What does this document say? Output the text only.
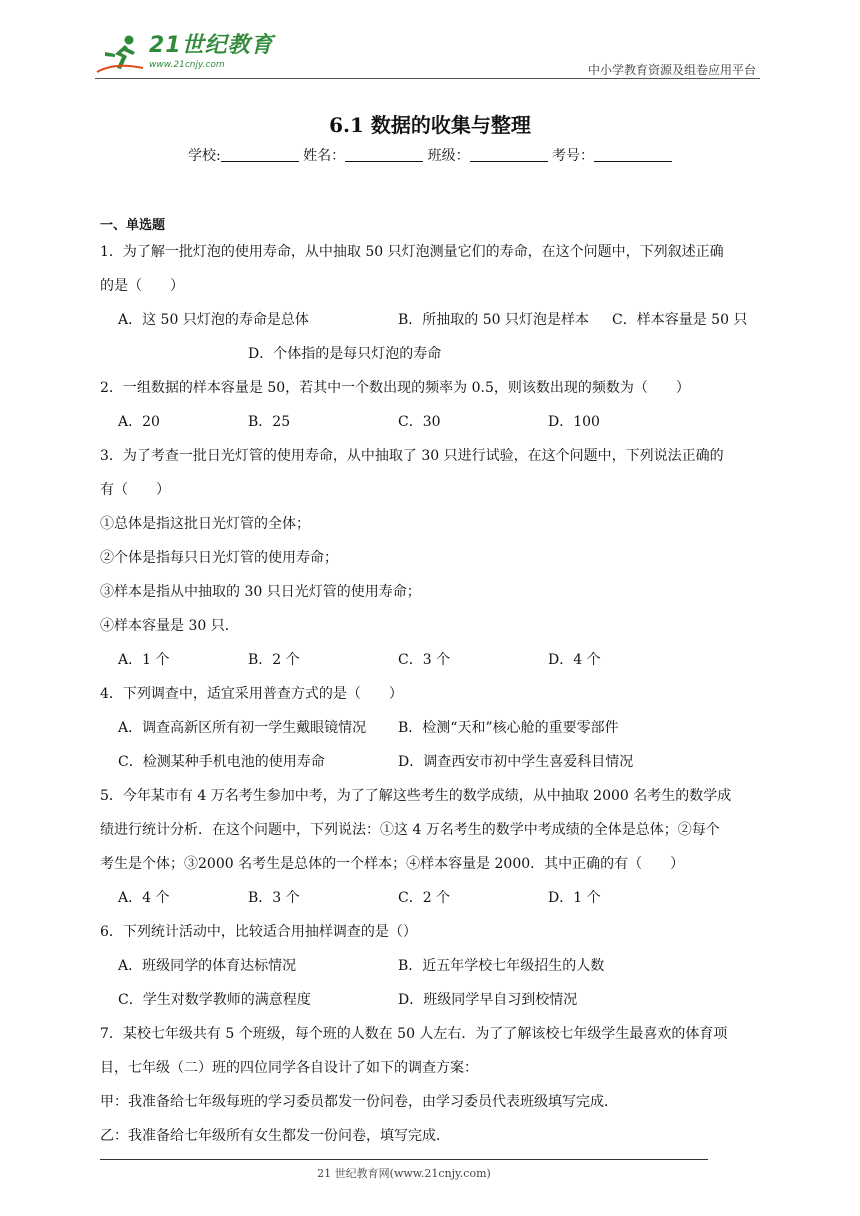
21世纪教育
www.21cnjy.com	中小学教育资源及组卷应用平台
6.1 数据的收集与整理
学校:	姓名：	班级：	考号：
一、单选题
1．为了解一批灯泡的使用寿命，从中抽取 50 只灯泡测量它们的寿命，在这个问题中，下列叙述正确
的是（　　）
A．这 50 只灯泡的寿命是总体	B．所抽取的 50 只灯泡是样本 C．样本容量是 50 只
D．个体指的是每只灯泡的寿命
2．一组数据的样本容量是 50，若其中一个数出现的频率为 0.5，则该数出现的频数为（　　）
A．20	B．25	C．30	D．100
3．为了考查一批日光灯管的使用寿命，从中抽取了 30 只进行试验，在这个问题中，下列说法正确的
有（　　）
①总体是指这批日光灯管的全体；
②个体是指每只日光灯管的使用寿命；
③样本是指从中抽取的 30 只日光灯管的使用寿命；
④样本容量是 30 只．
A．1 个	B．2 个	C．3 个	D．4 个
4．下列调查中，适宜采用普查方式的是（　　）
A．调查高新区所有初一学生戴眼镜情况 B．检测“天和”核心舱的重要零部件
C．检测某种手机电池的使用寿命	D．调查西安市初中学生喜爱科目情况
5．今年某市有 4 万名考生参加中考，为了了解这些考生的数学成绩，从中抽取 2000 名考生的数学成
绩进行统计分析．在这个问题中，下列说法：①这 4 万名考生的数学中考成绩的全体是总体；②每个
考生是个体；③2000 名考生是总体的一个样本；④样本容量是 2000．其中正确的有（　　）
A．4 个	B．3 个	C．2 个	D．1 个
6．下列统计活动中，比较适合用抽样调查的是（）
A．班级同学的体育达标情况	B．近五年学校七年级招生的人数
C．学生对数学教师的满意程度	D．班级同学早自习到校情况
7．某校七年级共有 5 个班级，每个班的人数在 50 人左右．为了了解该校七年级学生最喜欢的体育项
目，七年级（二）班的四位同学各自设计了如下的调查方案：
甲：我准备给七年级每班的学习委员都发一份问卷，由学习委员代表班级填写完成．
乙：我准备给七年级所有女生都发一份问卷，填写完成．
21 世纪教育网(www.21cnjy.com)
